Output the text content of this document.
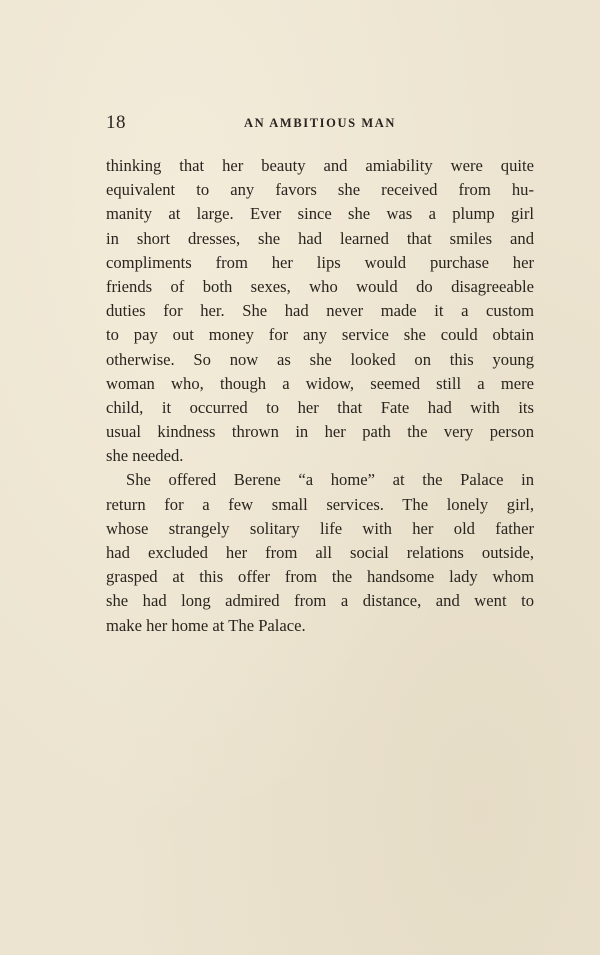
18	AN AMBITIOUS MAN
thinking that her beauty and amiability were quite
equivalent to any favors she received from hu-
manity at large. Ever since she was a plump girl
in short dresses, she had learned that smiles and
compliments from her lips would purchase her
friends of both sexes, who would do disagreeable
duties for her. She had never made it a custom
to pay out money for any service she could obtain
otherwise. So now as she looked on this young
woman who, though a widow, seemed still a mere
child, it occurred to her that Fate had with its
usual kindness thrown in her path the very person
she needed.
She offered Berene “a home” at the Palace in
return for a few small services. The lonely girl,
whose strangely solitary life with her old father
had excluded her from all social relations outside,
grasped at this offer from the handsome lady whom
she had long admired from a distance, and went to
make her home at The Palace.
